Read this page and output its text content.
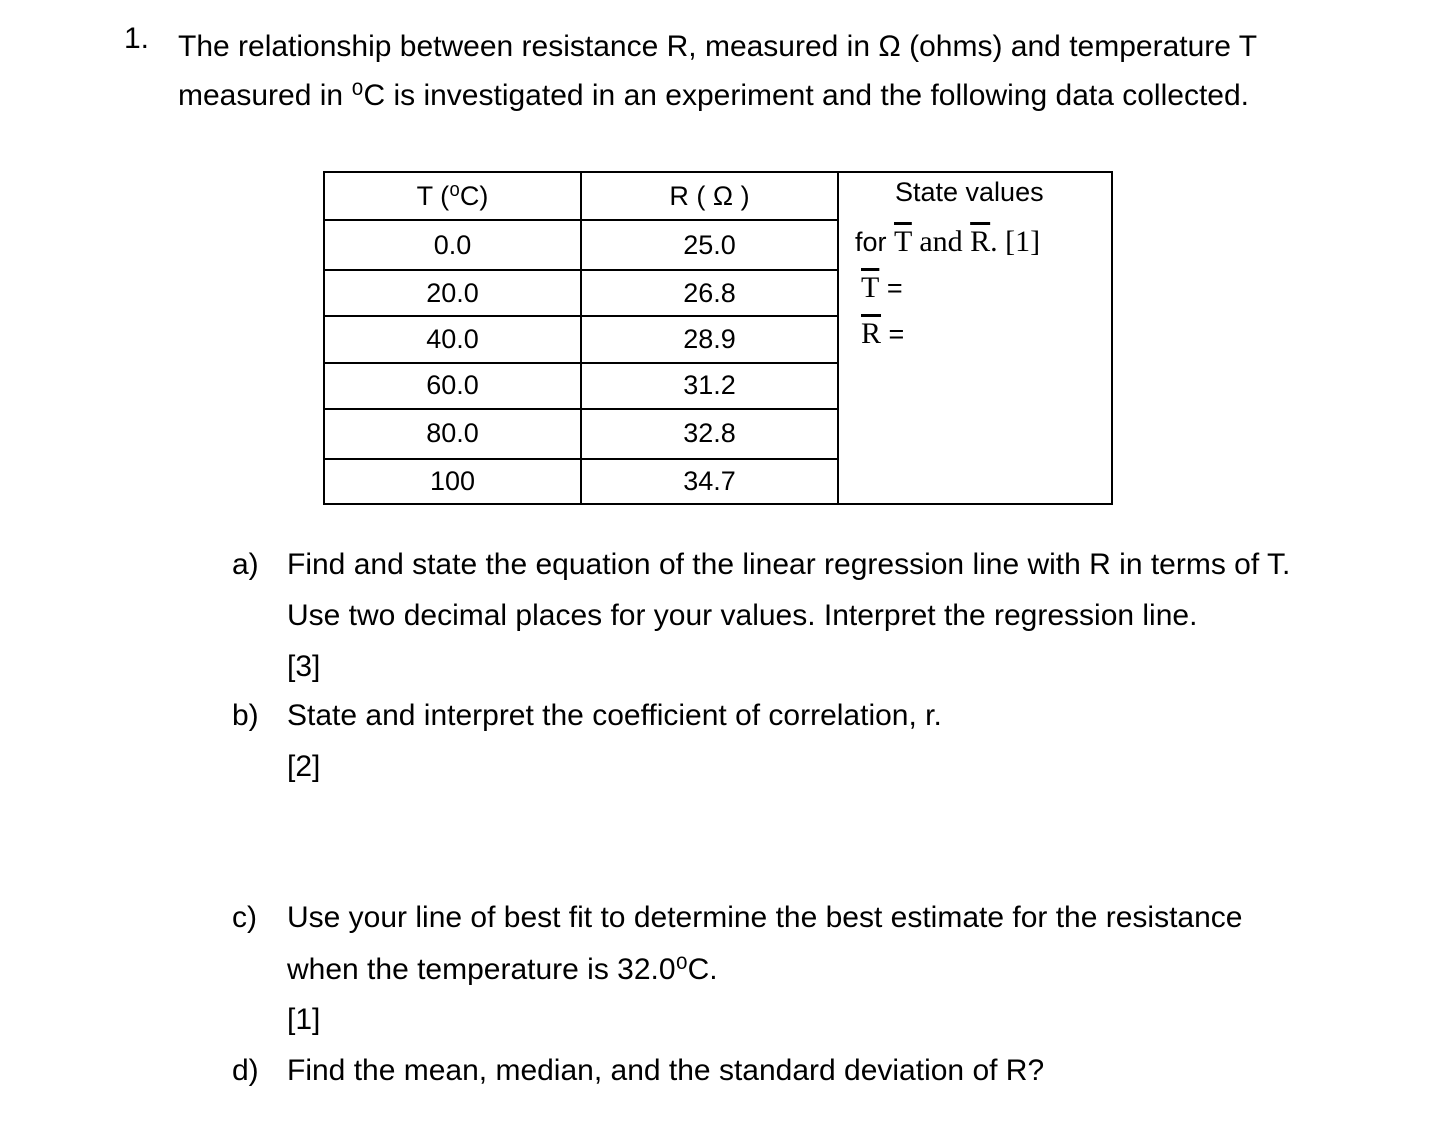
1. The relationship between resistance R, measured in Ω (ohms) and temperature T
measured in ⁰C is investigated in an experiment and the following data collected.
T (⁰C)	R ( Ω )	State values
for $\overline{T}$ and $\overline{R}$. [1]
$\overline{T}$ =
$\overline{R}$ =

0.0	25.0	
20.0	26.8	
40.0	28.9	
60.0	31.2	
80.0	32.8	
100	34.7	
a) Find and state the equation of the linear regression line with R in terms of T.
Use two decimal places for your values. Interpret the regression line.
[3]
b) State and interpret the coefficient of correlation, r.
[2]
c) Use your line of best fit to determine the best estimate for the resistance
when the temperature is 32.0⁰C.
[1]
d) Find the mean, median, and the standard deviation of R?
